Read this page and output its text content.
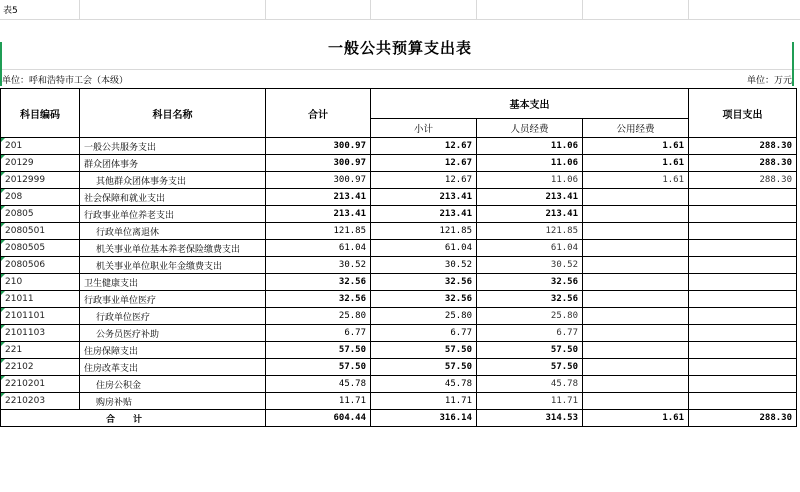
表5
一般公共预算支出表
单位：呼和浩特市工会（本级）	单位：万元
科目编码	科目名称	合计	基本支出			项目支出
			小计	人员经费	公用经费	
201	一般公共服务支出	300.97	12.67	11.06	1.61	288.30
20129	群众团体事务	300.97	12.67	11.06	1.61	288.30
2012999	其他群众团体事务支出	300.97	12.67	11.06	1.61	288.30
208	社会保障和就业支出	213.41	213.41	213.41		
20805	行政事业单位养老支出	213.41	213.41	213.41		
2080501	行政单位离退休	121.85	121.85	121.85		
2080505	机关事业单位基本养老保险缴费支出	61.04	61.04	61.04		
2080506	机关事业单位职业年金缴费支出	30.52	30.52	30.52		
210	卫生健康支出	32.56	32.56	32.56		
21011	行政事业单位医疗	32.56	32.56	32.56		
2101101	行政单位医疗	25.80	25.80	25.80		
2101103	公务员医疗补助	6.77	6.77	6.77		
221	住房保障支出	57.50	57.50	57.50		
22102	住房改革支出	57.50	57.50	57.50		
2210201	住房公积金	45.78	45.78	45.78		
2210203	购房补贴	11.71	11.71	11.71		
合计		604.44	316.14	314.53	1.61	288.30
